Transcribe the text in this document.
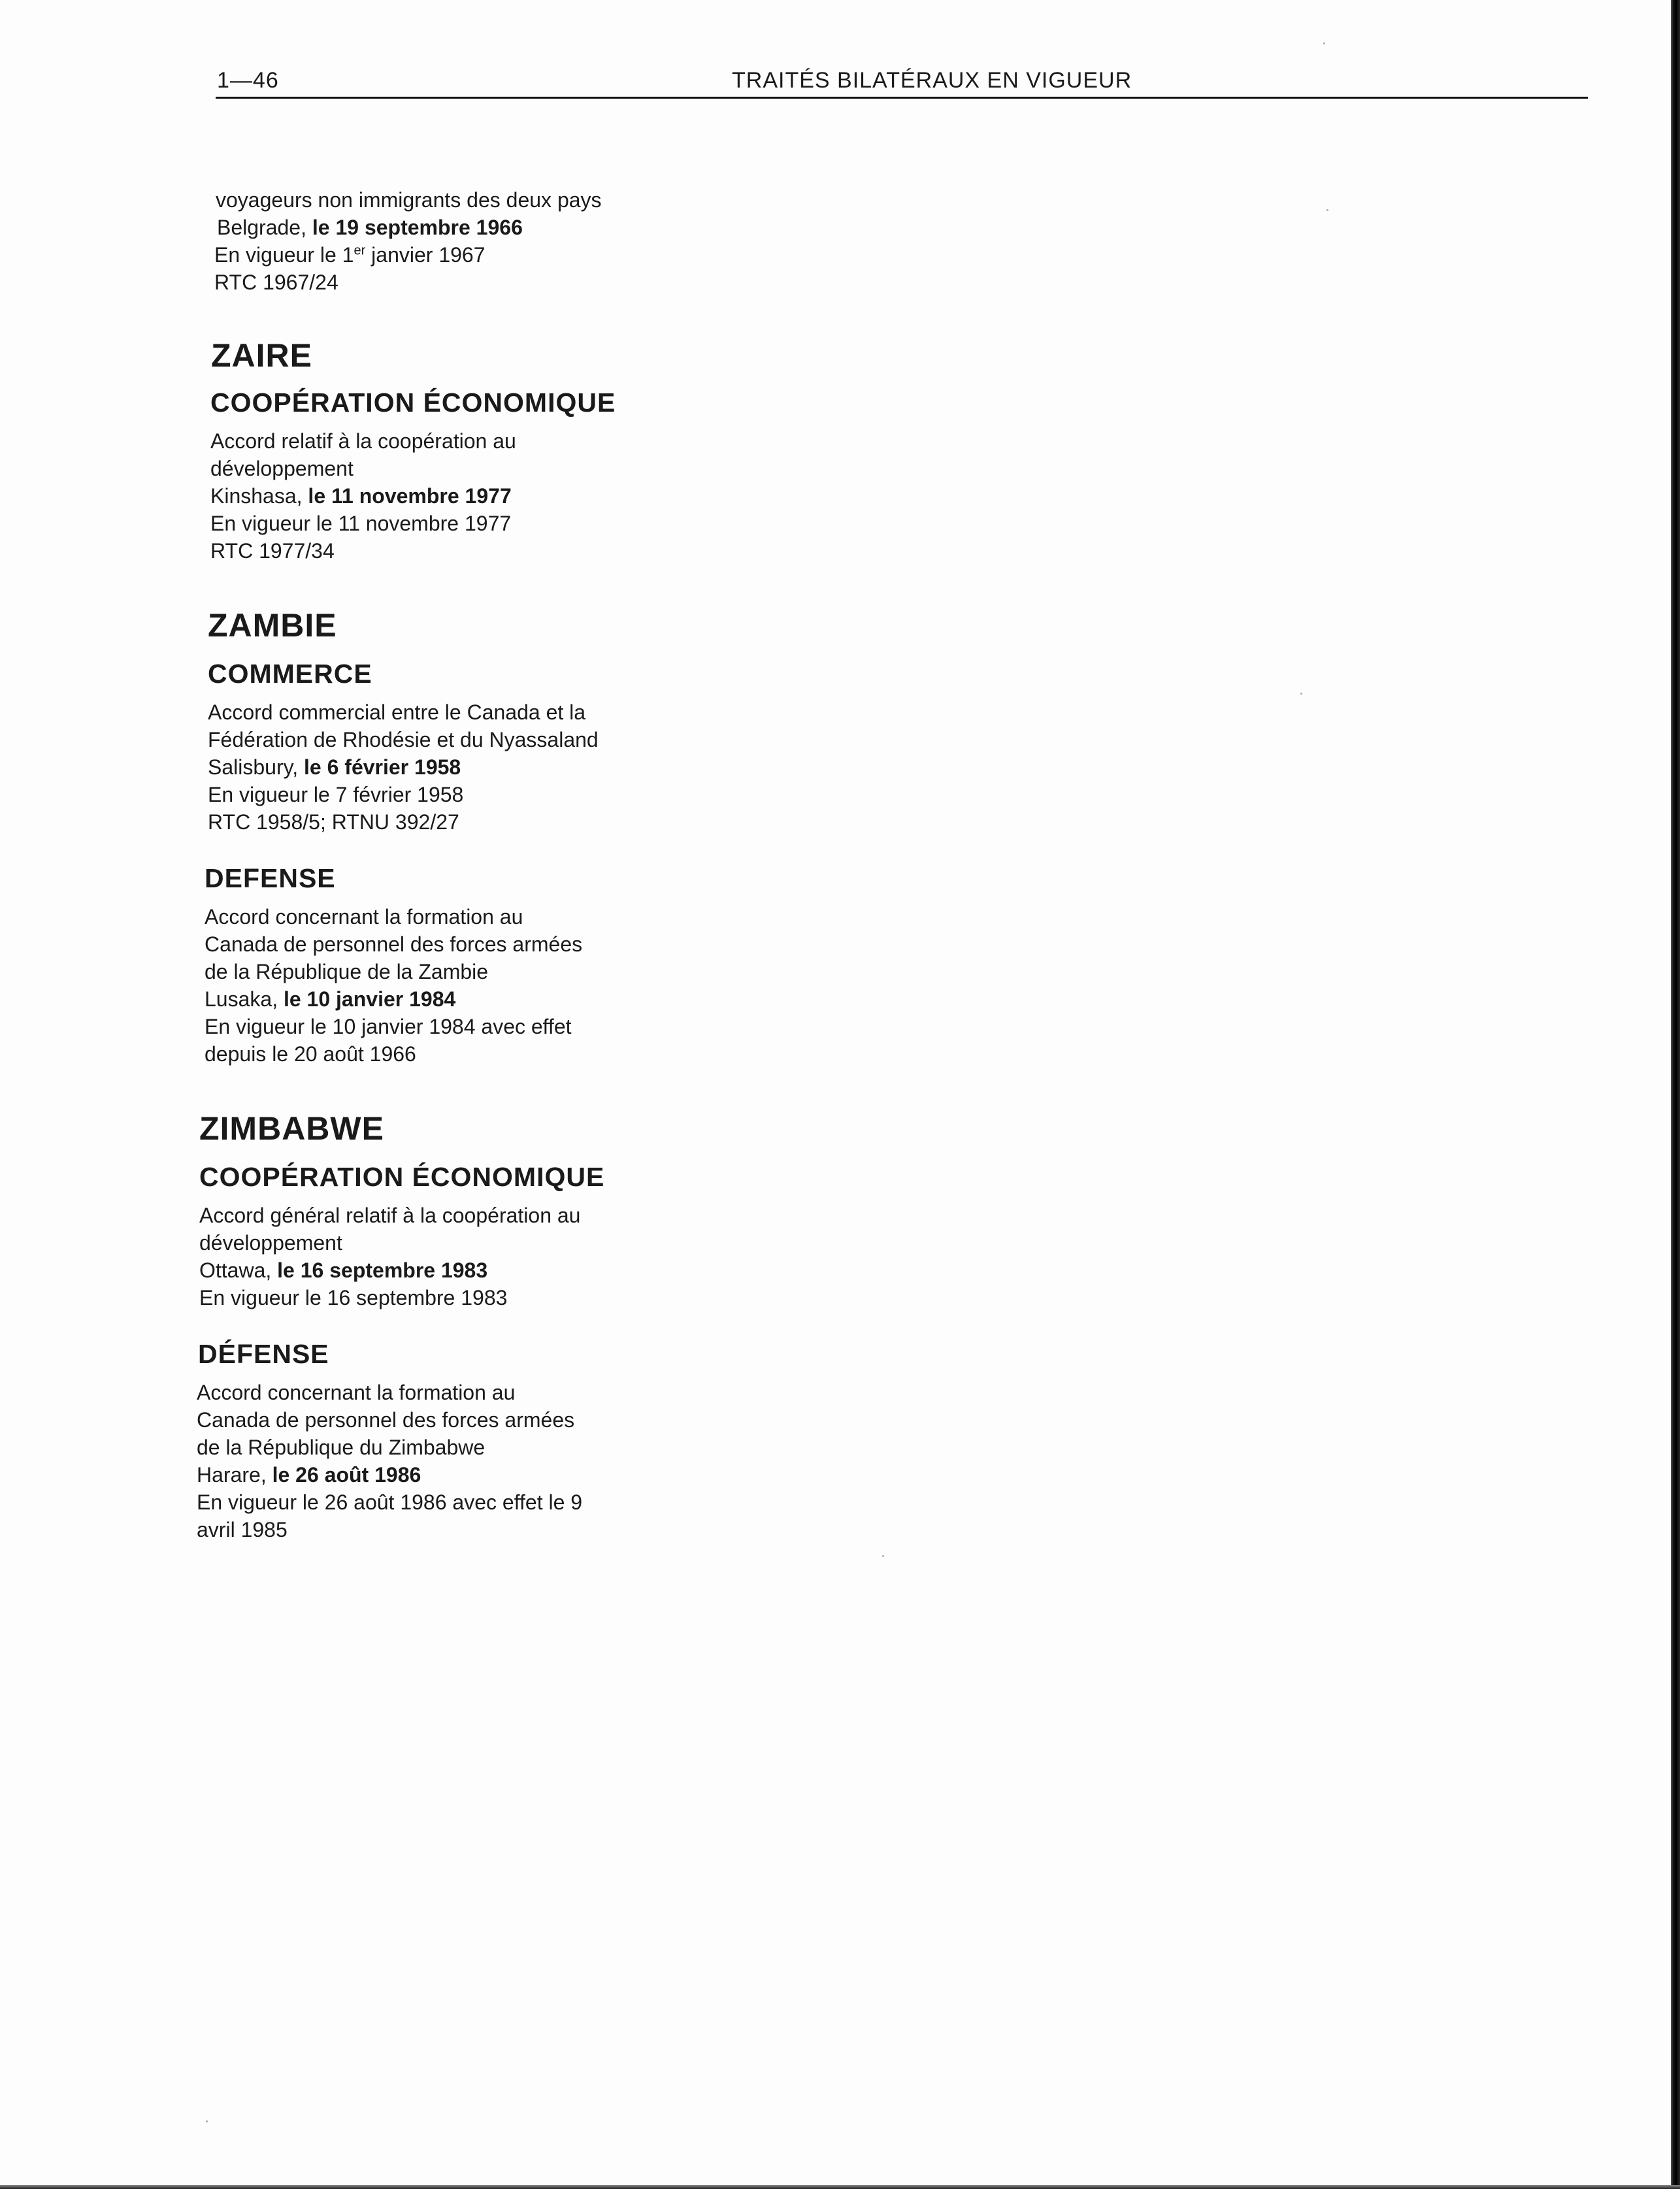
1—46	TRAITÉS BILATÉRAUX EN VIGUEUR
voyageurs non immigrants des deux pays
Belgrade, le 19 septembre 1966
En vigueur le 1er janvier 1967
RTC 1967/24
ZAIRE
COOPÉRATION ÉCONOMIQUE
Accord relatif à la coopération au
développement
Kinshasa, le 11 novembre 1977
En vigueur le 11 novembre 1977
RTC 1977/34
ZAMBIE
COMMERCE
Accord commercial entre le Canada et la
Fédération de Rhodésie et du Nyassaland
Salisbury, le 6 février 1958
En vigueur le 7 février 1958
RTC 1958/5; RTNU 392/27
DEFENSE
Accord concernant la formation au
Canada de personnel des forces armées
de la République de la Zambie
Lusaka, le 10 janvier 1984
En vigueur le 10 janvier 1984 avec effet
depuis le 20 août 1966
ZIMBABWE
COOPÉRATION ÉCONOMIQUE
Accord général relatif à la coopération au
développement
Ottawa, le 16 septembre 1983
En vigueur le 16 septembre 1983
DÉFENSE
Accord concernant la formation au
Canada de personnel des forces armées
de la République du Zimbabwe
Harare, le 26 août 1986
En vigueur le 26 août 1986 avec effet le 9
avril 1985
